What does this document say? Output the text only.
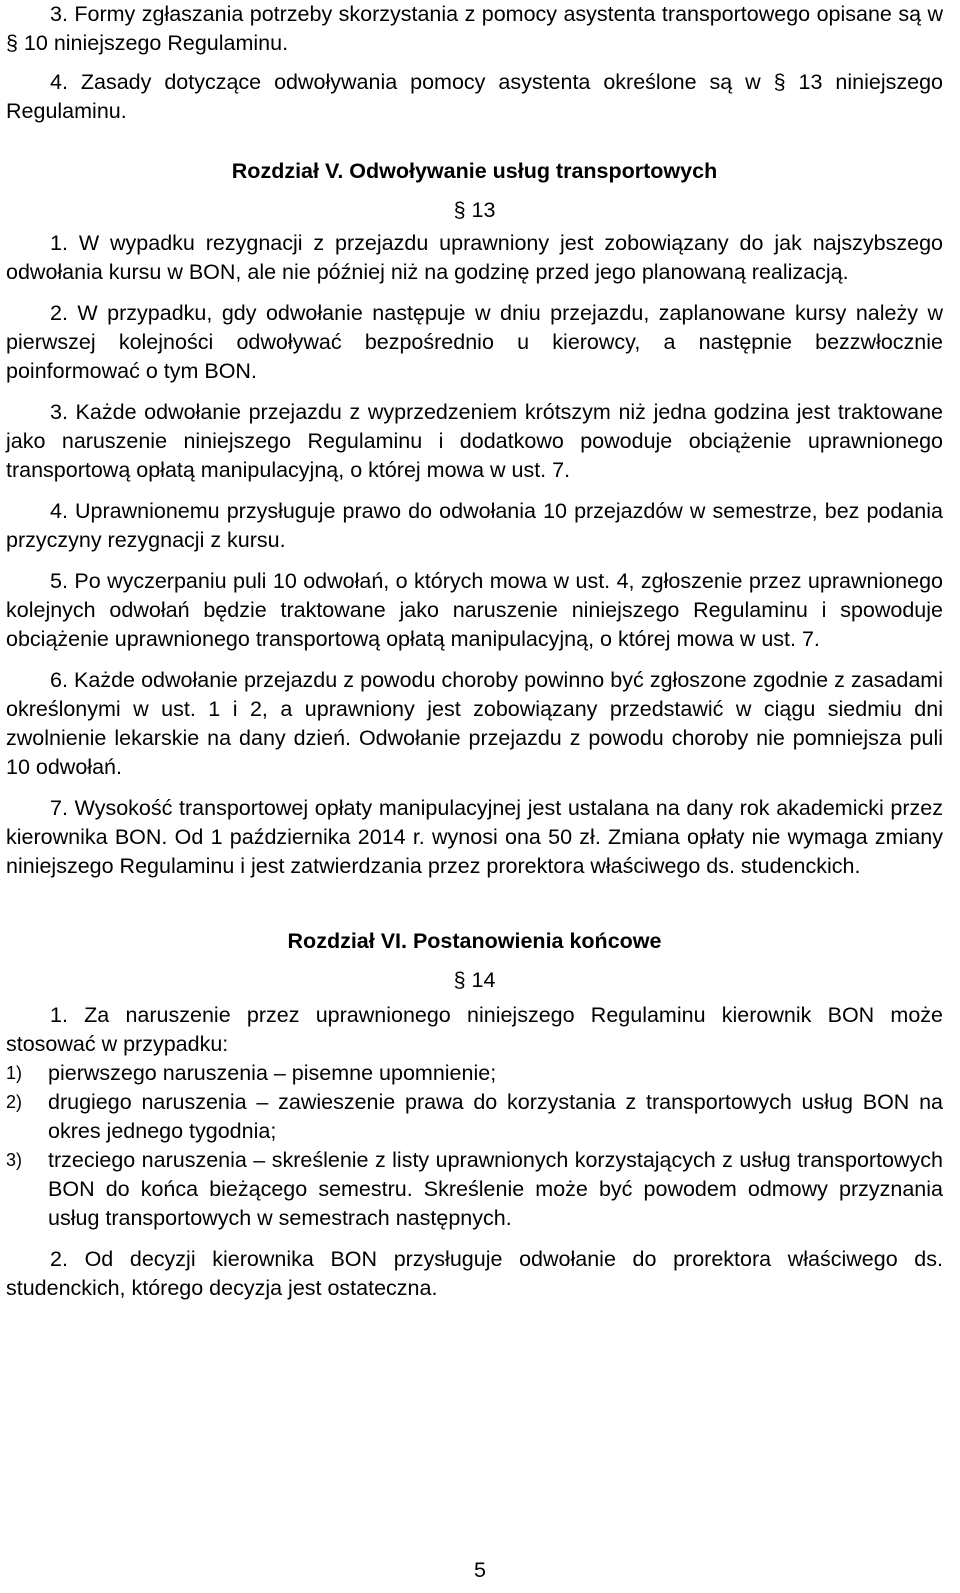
3. Formy zgłaszania potrzeby skorzystania z pomocy asystenta transportowego opisane są w § 10 niniejszego Regulaminu.

4. Zasady dotyczące odwoływania pomocy asystenta określone są w § 13 niniejszego Regulaminu.

Rozdział V. Odwoływanie usług transportowych

§ 13

1. W wypadku rezygnacji z przejazdu uprawniony jest zobowiązany do jak najszybszego odwołania kursu w BON, ale nie później niż na godzinę przed jego planowaną realizacją.

2. W przypadku, gdy odwołanie następuje w dniu przejazdu, zaplanowane kursy należy w pierwszej kolejności odwoływać bezpośrednio u kierowcy, a następnie bezzwłocznie poinformować o tym BON.

3. Każde odwołanie przejazdu z wyprzedzeniem krótszym niż jedna godzina jest traktowane jako naruszenie niniejszego Regulaminu i dodatkowo powoduje obciążenie uprawnionego transportową opłatą manipulacyjną, o której mowa w ust. 7.

4. Uprawnionemu przysługuje prawo do odwołania 10 przejazdów w semestrze, bez podania przyczyny rezygnacji z kursu.

5. Po wyczerpaniu puli 10 odwołań, o których mowa w ust. 4, zgłoszenie przez uprawnionego kolejnych odwołań będzie traktowane jako naruszenie niniejszego Regulaminu i spowoduje obciążenie uprawnionego transportową opłatą manipulacyjną, o której mowa w ust. 7.

6. Każde odwołanie przejazdu z powodu choroby powinno być zgłoszone zgodnie z zasadami określonymi w ust. 1 i 2, a uprawniony jest zobowiązany przedstawić w ciągu siedmiu dni zwolnienie lekarskie na dany dzień. Odwołanie przejazdu z powodu choroby nie pomniejsza puli 10 odwołań.

7. Wysokość transportowej opłaty manipulacyjnej jest ustalana na dany rok akademicki przez kierownika BON. Od 1 października 2014 r. wynosi ona 50 zł. Zmiana opłaty nie wymaga zmiany niniejszego Regulaminu i jest zatwierdzania przez prorektora właściwego ds. studenckich.

Rozdział VI. Postanowienia końcowe

§ 14

1. Za naruszenie przez uprawnionego niniejszego Regulaminu kierownik BON może stosować w przypadku:

1)	pierwszego naruszenia – pisemne upomnienie;
2)	drugiego naruszenia – zawieszenie prawa do korzystania z transportowych usług BON na okres jednego tygodnia;
3)	trzeciego naruszenia – skreślenie z listy uprawnionych korzystających z usług transportowych BON do końca bieżącego semestru. Skreślenie może być powodem odmowy przyznania usług transportowych w semestrach następnych.

2. Od decyzji kierownika BON przysługuje odwołanie do prorektora właściwego ds. studenckich, którego decyzja jest ostateczna.

5
